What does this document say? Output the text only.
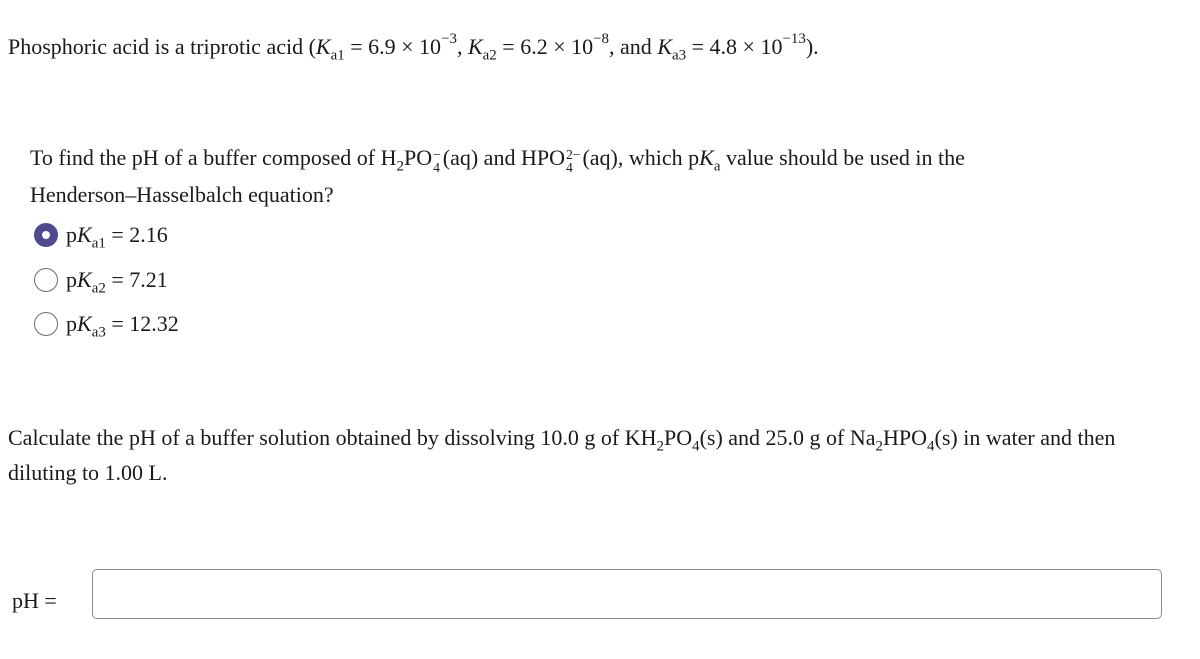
Phosphoric acid is a triprotic acid ($K_{a1} = 6.9 \times 10^{-3}$, $K_{a2} = 6.2 \times 10^{-8}$, and $K_{a3} = 4.8 \times 10^{-13}$).
To find the pH of a buffer composed of $H_2PO$ −
4 (aq) and HPO 2−
4 (aq), which $pK_a$ value should be used in the
Henderson–Hasselbalch equation?
$pK_{a1} = 2.16$
$pK_{a2} = 7.21$
$pK_{a3} = 12.32$
Calculate the pH of a buffer solution obtained by dissolving 10.0 g of $KH_2PO_4(s)$ and 25.0 g of $Na_2HPO_4(s)$ in water and then
diluting to 1.00 L.
pH =
